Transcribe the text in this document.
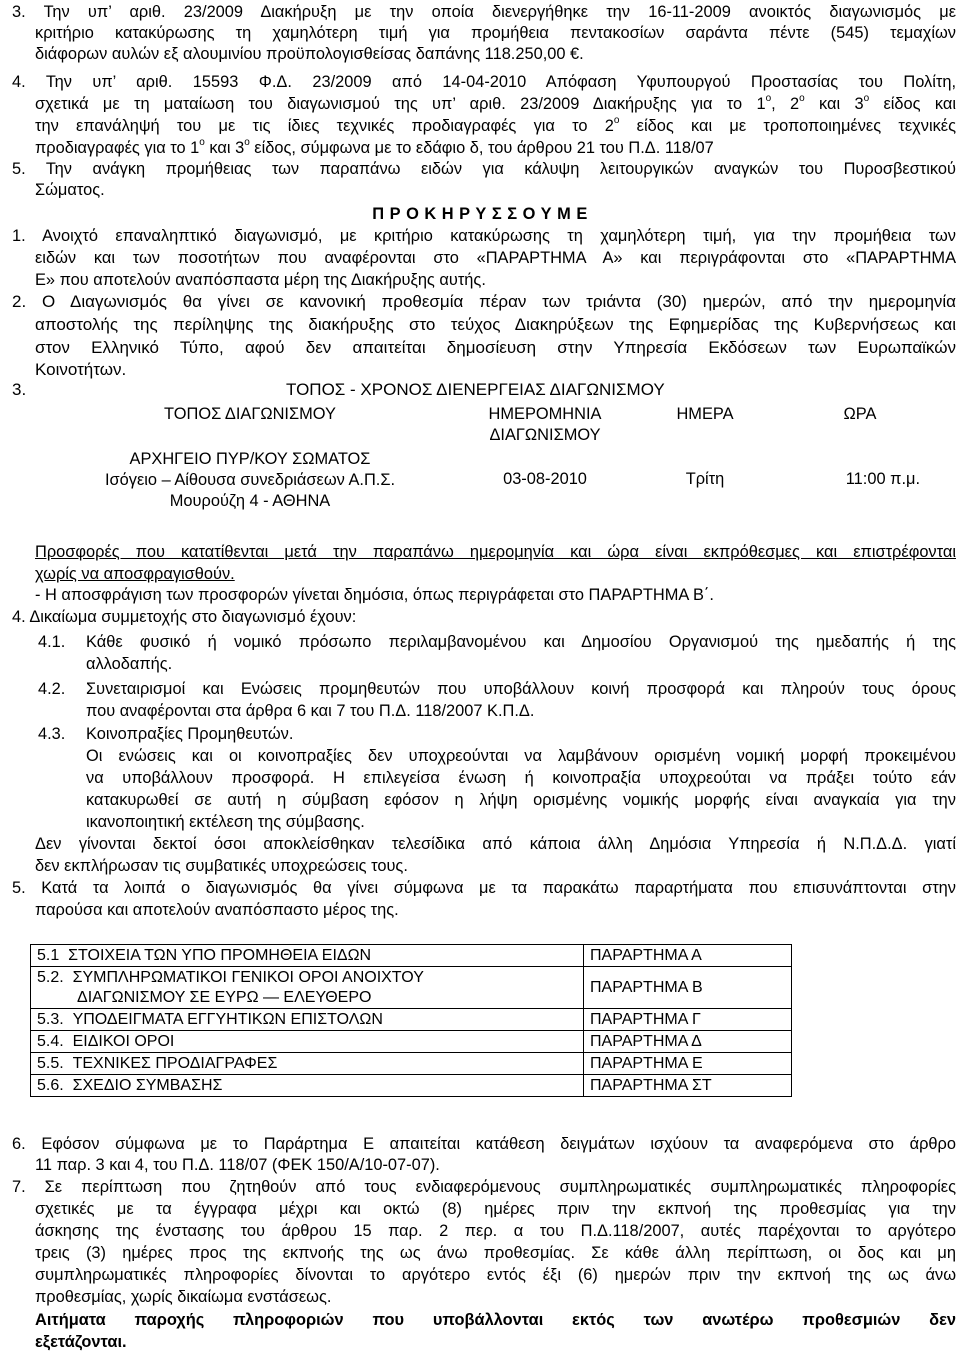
3. Την υπ’ αριθ. 23/2009 Διακήρυξη με την οποία διενεργήθηκε την 16-11-2009 ανοικτός διαγωνισμός με
κριτήριο κατακύρωσης τη χαμηλότερη τιμή για προμήθεια πεντακοσίων σαράντα πέντε (545) τεμαχίων
διάφορων αυλών εξ αλουμινίου προϋπολογισθείσας δαπάνης 118.250,00 €.
4. Την υπ’ αριθ. 15593 Φ.Δ. 23/2009 από 14-04-2010 Απόφαση Υφυπουργού Προστασίας του Πολίτη,
σχετικά με τη ματαίωση του διαγωνισμού της υπ’ αριθ. 23/2009 Διακήρυξης για το $1^o$, $2^o$ και $3^o$ είδος και
την επανάληψή του με τις ίδιες τεχνικές προδιαγραφές για το $2^o$ είδος και με τροποποιημένες τεχνικές
προδιαγραφές για το $1^o$ και $3^o$ είδος, σύμφωνα με το εδάφιο δ, του άρθρου 21 του Π.Δ. 118/07
5. Την ανάγκη προμήθειας των παραπάνω ειδών για κάλυψη λειτουργικών αναγκών του Πυροσβεστικού
Σώματος.
Π Ρ Ο Κ Η Ρ Υ Σ Σ Ο Υ Μ Ε
1. Ανοιχτό επαναληπτικό διαγωνισμό, με κριτήριο κατακύρωσης τη χαμηλότερη τιμή, για την προμήθεια των
ειδών και των ποσοτήτων που αναφέρονται στο «ΠΑΡΑΡΤΗΜΑ Α» και περιγράφονται στο «ΠΑΡΑΡΤΗΜΑ
Ε» που αποτελούν αναπόσπαστα μέρη της Διακήρυξης αυτής.
2. Ο Διαγωνισμός θα γίνει σε κανονική προθεσμία πέραν των τριάντα (30) ημερών, από την ημερομηνία
αποστολής της περίληψης της διακήρυξης στο τεύχος Διακηρύξεων της Εφημερίδας της Κυβερνήσεως και
στον Ελληνικό Τύπο, αφού δεν απαιτείται δημοσίευση στην Υπηρεσία Εκδόσεων των Ευρωπαϊκών
Κοινοτήτων.
3.	ΤΟΠΟΣ - ΧΡΟΝΟΣ ΔΙΕΝΕΡΓΕΙΑΣ ΔΙΑΓΩΝΙΣΜΟΥ
ΤΟΠΟΣ ΔΙΑΓΩΝΙΣΜΟΥ	ΗΜΕΡΟΜΗΝΙΑ
ΔΙΑΓΩΝΙΣΜΟΥ	ΗΜΕΡΑ	ΩΡΑ

ΑΡΧΗΓΕΙΟ ΠΥΡ/ΚΟΥ ΣΩΜΑΤΟΣ
Ισόγειο – Αίθουσα συνεδριάσεων Α.Π.Σ.
Μουρούζη 4 - ΑΘΗΝΑ	03-08-2010	Τρίτη	11:00 π.μ.
Προσφορές που κατατίθενται μετά την παραπάνω ημερομηνία και ώρα είναι εκπρόθεσμες και επιστρέφονται
χωρίς να αποσφραγισθούν.
- Η αποσφράγιση των προσφορών γίνεται δημόσια, όπως περιγράφεται στο ΠΑΡΑΡΤΗΜΑ Β΄.
4. Δικαίωμα συμμετοχής στο διαγωνισμό έχουν:
4.1. Κάθε φυσικό ή νομικό πρόσωπο περιλαμβανομένου και Δημοσίου Οργανισμού της ημεδαπής ή της
αλλοδαπής.
4.2. Συνεταιρισμοί και Ενώσεις προμηθευτών που υποβάλλουν κοινή προσφορά και πληρούν τους όρους
που αναφέρονται στα άρθρα 6 και 7 του Π.Δ. 118/2007 Κ.Π.Δ.
4.3. Κοινοπραξίες Προμηθευτών.
Οι ενώσεις και οι κοινοπραξίες δεν υποχρεούνται να λαμβάνουν ορισμένη νομική μορφή προκειμένου
να υποβάλλουν προσφορά. Η επιλεγείσα ένωση ή κοινοπραξία υποχρεούται να πράξει τούτο εάν
κατακυρωθεί σε αυτή η σύμβαση εφόσον η λήψη ορισμένης νομικής μορφής είναι αναγκαία για την
ικανοποιητική εκτέλεση της σύμβασης.
Δεν γίνονται δεκτοί όσοι αποκλείσθηκαν τελεσίδικα από κάποια άλλη Δημόσια Υπηρεσία ή Ν.Π.Δ.Δ. γιατί
δεν εκπλήρωσαν τις συμβατικές υποχρεώσεις τους.
5. Κατά τα λοιπά ο διαγωνισμός θα γίνει σύμφωνα με τα παρακάτω παραρτήματα που επισυνάπτονται στην
παρούσα και αποτελούν αναπόσπαστο μέρος της.
5.1 ΣΤΟΙΧΕΙΑ ΤΩΝ ΥΠΟ ΠΡΟΜΗΘΕΙΑ ΕΙΔΩΝ	ΠΑΡΑΡΤΗΜΑ Α

5.2. ΣΥΜΠΛΗΡΩΜΑΤΙΚΟΙ ΓΕΝΙΚΟΙ ΟΡΟΙ ΑΝΟΙΧΤΟΥ
ΔΙΑΓΩΝΙΣΜΟΥ ΣΕ ΕΥΡΩ — ΕΛΕΥΘΕΡΟ	ΠΑΡΑΡΤΗΜΑ Β
5.3. ΥΠΟΔΕΙΓΜΑΤΑ ΕΓΓΥΗΤΙΚΩΝ ΕΠΙΣΤΟΛΩΝ	ΠΑΡΑΡΤΗΜΑ Γ
5.4. ΕΙΔΙΚΟΙ ΟΡΟΙ	ΠΑΡΑΡΤΗΜΑ Δ
5.5. ΤΕΧΝΙΚΕΣ ΠΡΟΔΙΑΓΡΑΦΕΣ	ΠΑΡΑΡΤΗΜΑ Ε
5.6. ΣΧΕΔΙΟ ΣΥΜΒΑΣΗΣ	ΠΑΡΑΡΤΗΜΑ ΣΤ
6. Εφόσον σύμφωνα με το Παράρτημα Ε απαιτείται κατάθεση δειγμάτων ισχύουν τα αναφερόμενα στο άρθρο
11 παρ. 3 και 4, του Π.Δ. 118/07 (ΦΕΚ 150/Α/10-07-07).
7. Σε περίπτωση που ζητηθούν από τους ενδιαφερόμενους συμπληρωματικές συμπληρωματικές πληροφορίες
σχετικές με τα έγγραφα μέχρι και οκτώ (8) ημέρες πριν την εκπνοή της προθεσμίας για την
άσκησης της ένστασης του άρθρου 15 παρ. 2 περ. α του Π.Δ.118/2007, αυτές παρέχονται το αργότερο
τρεις (3) ημέρες προς της εκπνοής της ως άνω προθεσμίας. Σε κάθε άλλη περίπτωση, οι δος και μη
συμπληρωματικές πληροφορίες δίνονται το αργότερο εντός έξι (6) ημερών πριν την εκπνοή της ως άνω
προθεσμίας, χωρίς δικαίωμα ενστάσεως.
Αιτήματα παροχής πληροφοριών που υποβάλλονται εκτός των ανωτέρω προθεσμιών δεν
εξετάζονται.
